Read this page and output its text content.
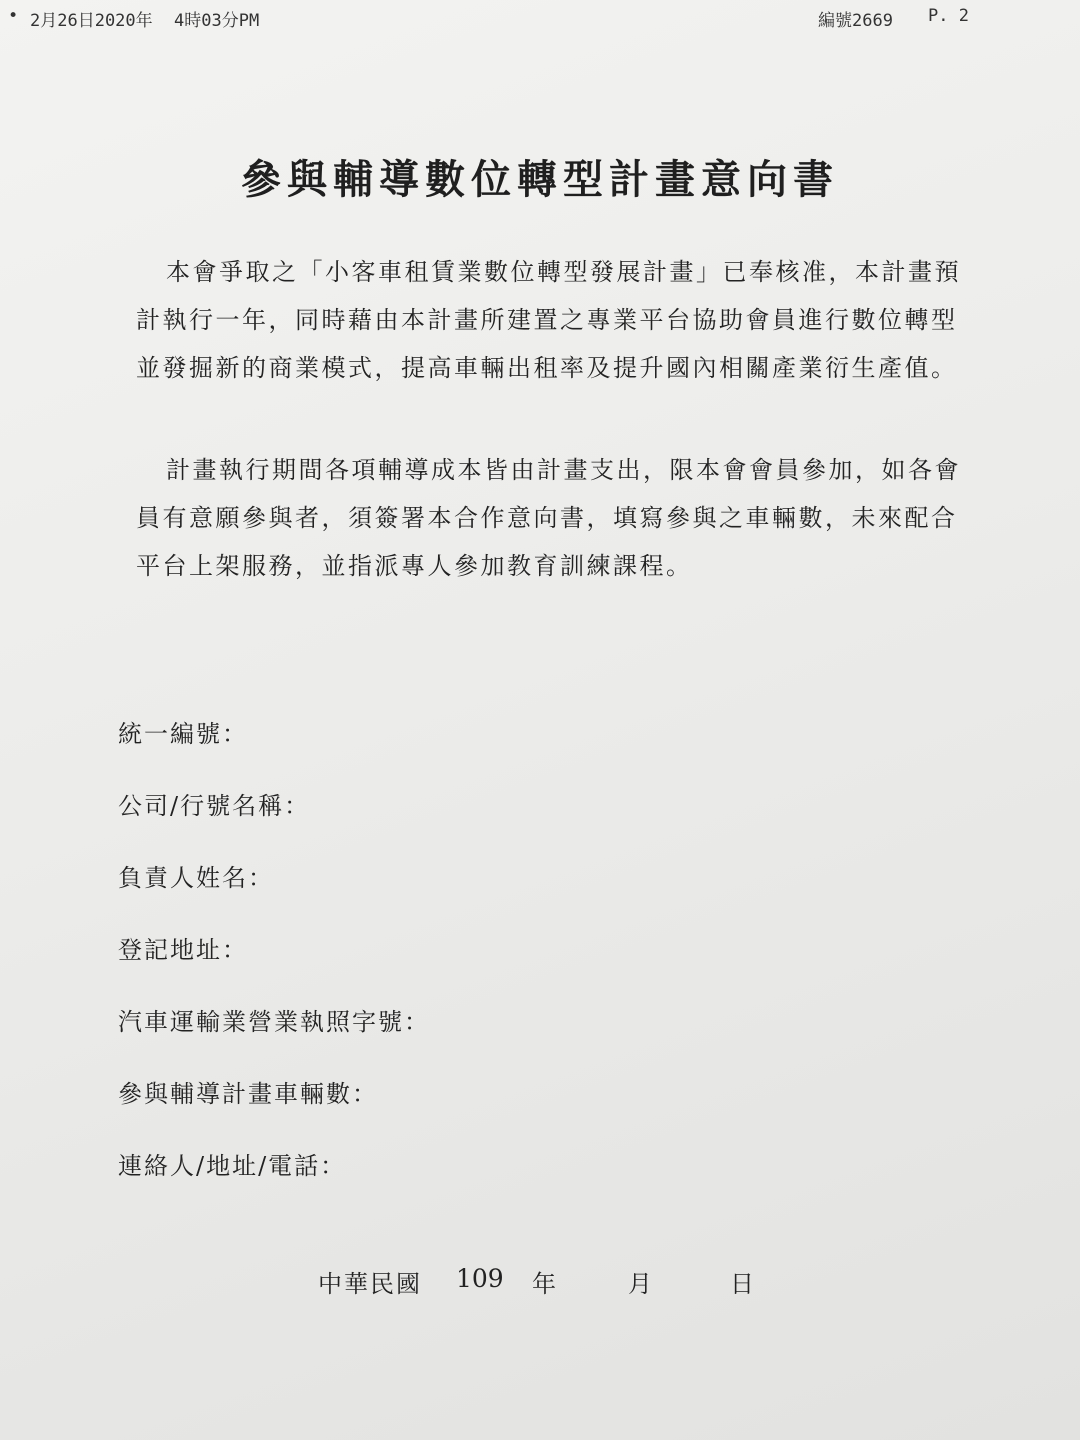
• 2月26日2020年 4時03分PM	編號2669 P. 2
參與輔導數位轉型計畫意向書

本會爭取之「小客車租賃業數位轉型發展計畫」已奉核准，本計畫預計執行一年，同時藉由本計畫所建置之專業平台協助會員進行數位轉型並發掘新的商業模式，提高車輛出租率及提升國內相關產業衍生產值。

計畫執行期間各項輔導成本皆由計畫支出，限本會會員參加，如各會員有意願參與者，須簽署本合作意向書，填寫參與之車輛數，未來配合平台上架服務，並指派專人參加教育訓練課程。

統一編號：
公司/行號名稱：
負責人姓名：
登記地址：
汽車運輸業營業執照字號：
參與輔導計畫車輛數：
連絡人/地址/電話：
中華民國 109 年	月	日
